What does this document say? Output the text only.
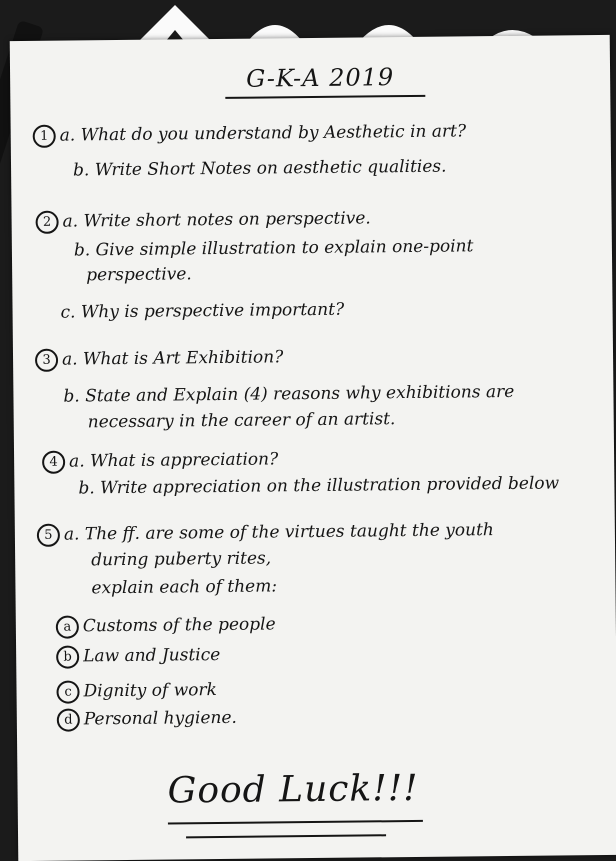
G-K-A 2019
1 a. What do you understand by Aesthetic in art?
b. Write Short Notes on aesthetic qualities.
2 a. Write short notes on perspective.
b. Give simple illustration to explain one-point
perspective.
c. Why is perspective important?
3 a. What is Art Exhibition?
b. State and Explain (4) reasons why exhibitions are
necessary in the career of an artist.
4 a. What is appreciation?
b. Write appreciation on the illustration provided below
5 a. The ff. are some of the virtues taught the youth
during puberty rites,
explain each of them:
a Customs of the people
b Law and Justice
c Dignity of work
d Personal hygiene.
Good Luck!!!
